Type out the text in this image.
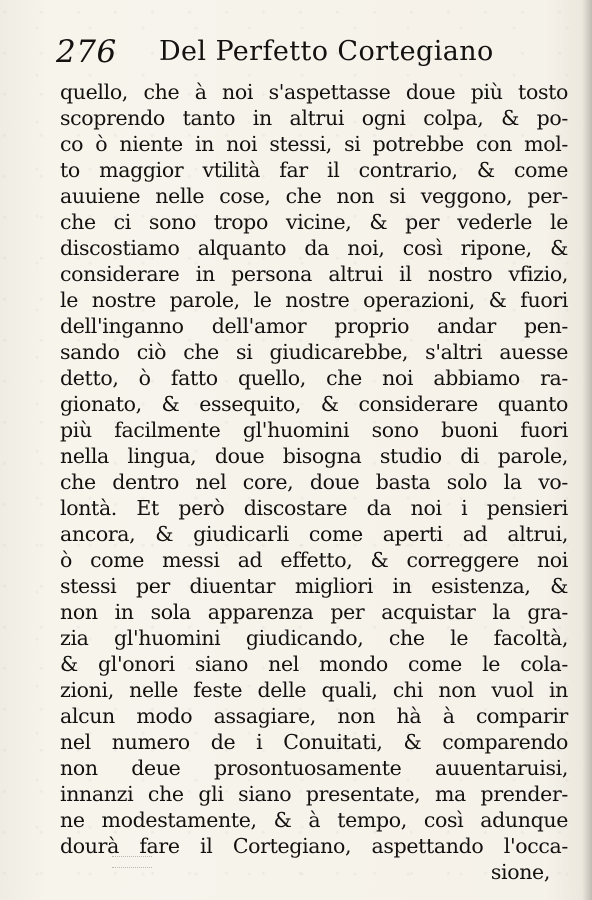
276 Del Perfetto Cortegiano
quello, che à noi s'aspettasse doue più tosto
scoprendo tanto in altrui ogni colpa, & po-
co ò niente in noi stessi, si potrebbe con mol-
to maggior vtilità far il contrario, & come
auuiene nelle cose, che non si veggono, per-
che ci sono tropo vicine, & per vederle le
discostiamo alquanto da noi, così ripone, &
considerare in persona altrui il nostro vfizio,
le nostre parole, le nostre operazioni, & fuori
dell'inganno dell'amor proprio andar pen-
sando ciò che si giudicarebbe, s'altri auesse
detto, ò fatto quello, che noi abbiamo ra-
gionato, & essequito, & considerare quanto
più facilmente gl'huomini sono buoni fuori
nella lingua, doue bisogna studio di parole,
che dentro nel core, doue basta solo la vo-
lontà. Et però discostare da noi i pensieri
ancora, & giudicarli come aperti ad altrui,
ò come messi ad effetto, & correggere noi
stessi per diuentar migliori in esistenza, &
non in sola apparenza per acquistar la gra-
zia gl'huomini giudicando, che le facoltà,
& gl'onori siano nel mondo come le cola-
zioni, nelle feste delle quali, chi non vuol in
alcun modo assagiare, non hà à comparir
nel numero de i Conuitati, & comparendo
non deue prosontuosamente auuentaruisi,
innanzi che gli siano presentate, ma prender-
ne modestamente, & à tempo, così adunque
dourà fare il Cortegiano, aspettando l'occa-
sione,
